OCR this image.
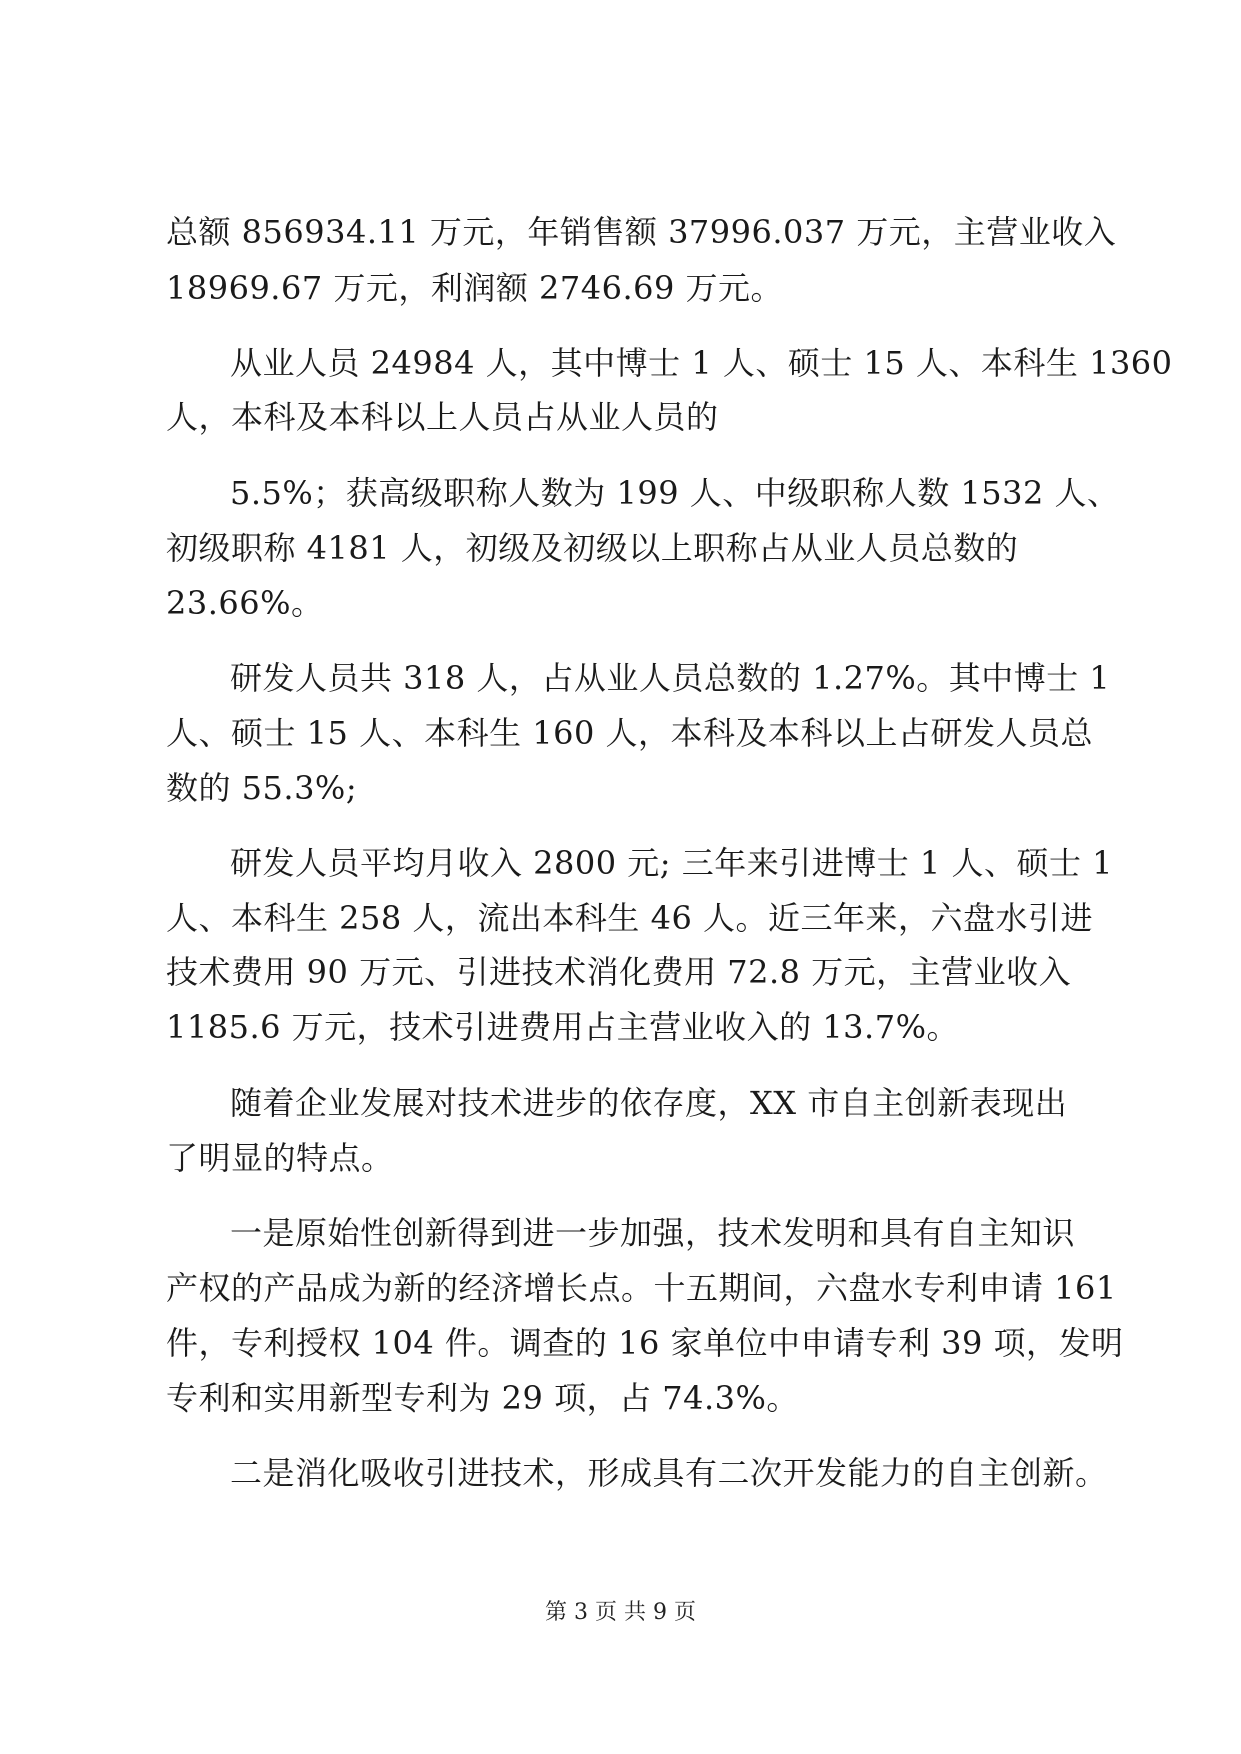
总额 856934.11 万元，年销售额 37996.037 万元，主营业收入
18969.67 万元，利润额 2746.69 万元。
从业人员 24984 人，其中博士 1 人、硕士 15 人、本科生 1360
人，本科及本科以上人员占从业人员的
5.5%；获高级职称人数为 199 人、中级职称人数 1532 人、
初级职称 4181 人，初级及初级以上职称占从业人员总数的
23.66%。
研发人员共 318 人，占从业人员总数的 1.27%。其中博士 1
人、硕士 15 人、本科生 160 人，本科及本科以上占研发人员总
数的 55.3%;
研发人员平均月收入 2800 元; 三年来引进博士 1 人、硕士 1
人、本科生 258 人，流出本科生 46 人。近三年来，六盘水引进
技术费用 90 万元、引进技术消化费用 72.8 万元，主营业收入
1185.6 万元，技术引进费用占主营业收入的 13.7%。
随着企业发展对技术进步的依存度，XX 市自主创新表现出
了明显的特点。
一是原始性创新得到进一步加强，技术发明和具有自主知识
产权的产品成为新的经济增长点。十五期间，六盘水专利申请 161
件，专利授权 104 件。调查的 16 家单位中申请专利 39 项，发明
专利和实用新型专利为 29 项，占 74.3%。
二是消化吸收引进技术，形成具有二次开发能力的自主创新。
第 3 页 共 9 页
